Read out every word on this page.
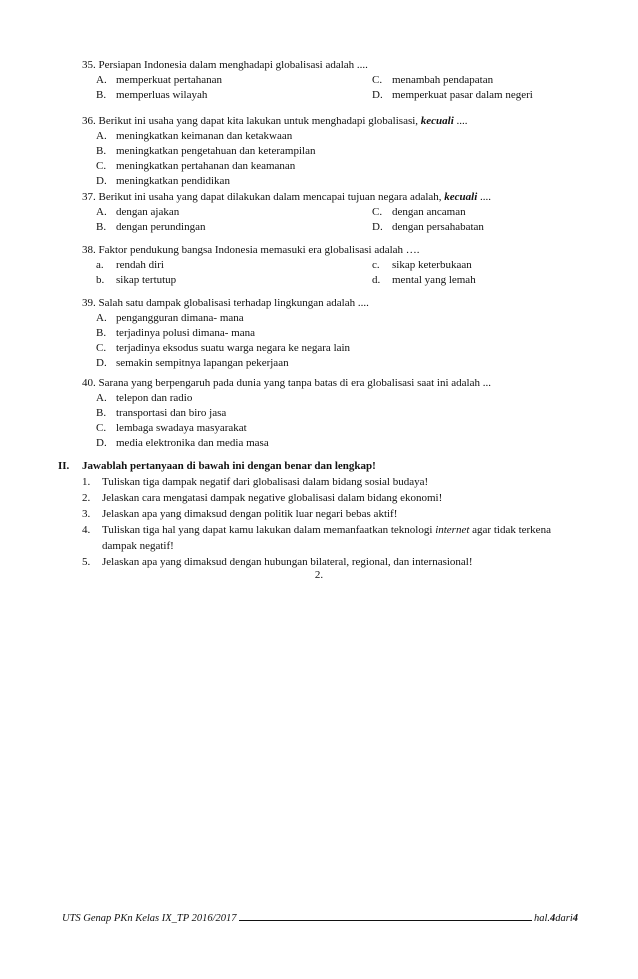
35. Persiapan Indonesia dalam menghadapi globalisasi adalah ....
A. memperkuat pertahanan	C. menambah pendapatan
B. memperluas wilayah	D. memperkuat pasar dalam negeri
36. Berikut ini usaha yang dapat kita lakukan untuk menghadapi globalisasi, kecuali ....
A. meningkatkan keimanan dan ketakwaan
B. meningkatkan pengetahuan dan keterampilan
C. meningkatkan pertahanan dan keamanan
D. meningkatkan pendidikan
37. Berikut ini usaha yang dapat dilakukan dalam mencapai tujuan negara adalah, kecuali ....
A. dengan ajakan	C. dengan ancaman
B. dengan perundingan	D. dengan persahabatan
38. Faktor pendukung bangsa Indonesia memasuki era globalisasi adalah ….
a.	rendah diri	c.	sikap keterbukaan
b.	sikap tertutup	d.	mental yang lemah
39. Salah satu dampak globalisasi terhadap lingkungan adalah ....
A. pengangguran dimana- mana
B. terjadinya polusi dimana- mana
C. terjadinya eksodus suatu warga negara ke negara lain
D. semakin sempitnya lapangan pekerjaan
40. Sarana yang berpengaruh pada dunia yang tanpa batas di era globalisasi saat ini adalah ...
A. telepon dan radio
B. transportasi dan biro jasa
C. lembaga swadaya masyarakat
D. media elektronika dan media masa
II.	Jawablah pertanyaan di bawah ini dengan benar dan lengkap!
1.	Tuliskan tiga dampak negatif dari globalisasi dalam bidang sosial budaya!
2.	Jelaskan cara mengatasi dampak negative globalisasi dalam bidang ekonomi!
3.	Jelaskan apa yang dimaksud dengan politik luar negari bebas aktif!
4.	Tuliskan tiga hal yang dapat kamu lakukan dalam memanfaatkan teknologi internet agar tidak terkena dampak negatif!
5.	Jelaskan apa yang dimaksud dengan hubungan bilateral, regional, dan internasional!
2.
UTS Genap PKn Kelas IX_TP 2016/2017	hal.4dari4
